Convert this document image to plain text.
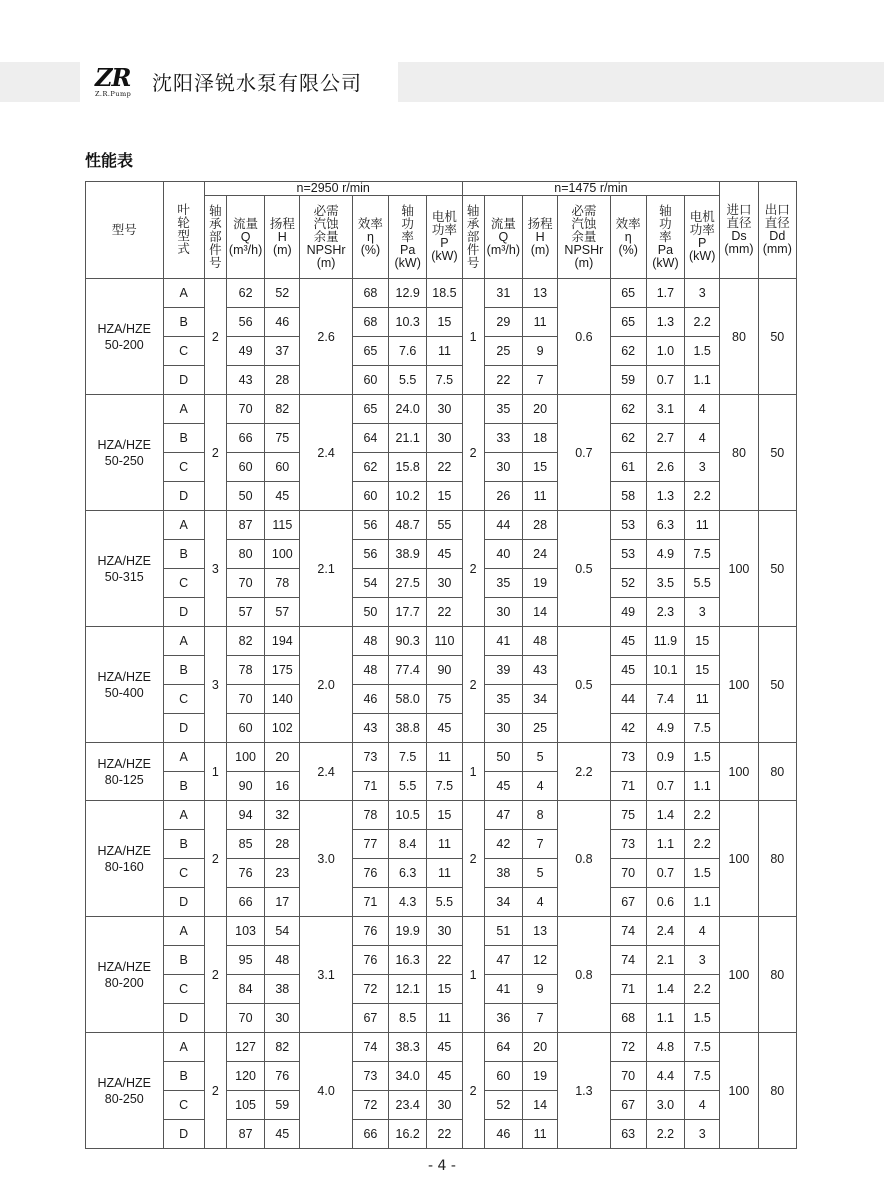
ZR
Z.R.Pump	沈阳泽锐水泵有限公司
性能表
型号	叶
轮
型
式	n=2950 r/min							n=1475 r/min							进口
直径
Ds
(mm)	出口
直径
Dd
(mm)
		轴
承
部
件
号	流量
Q
(m³/h)	扬程
H
(m)	必需
汽蚀
余量
NPSHr
(m)	效率
η
(%)	轴
功
率
Pa
(kW)	电机
功率
P
(kW)	轴
承
部
件
号	流量
Q
(m³/h)	扬程
H
(m)	必需
汽蚀
余量
NPSHr
(m)	效率
η
(%)	轴
功
率
Pa
(kW)	电机
功率
P
(kW)		
HZA/HZE
50-200	A	2	62	52	2.6	68	12.9	18.5	1	31	13	0.6	65	1.7	3	80	50
	B		56	46		68	10.3	15		29	11		65	1.3	2.2		
	C		49	37		65	7.6	11		25	9		62	1.0	1.5		
	D		43	28		60	5.5	7.5		22	7		59	0.7	1.1		
HZA/HZE
50-250	A	2	70	82	2.4	65	24.0	30	2	35	20	0.7	62	3.1	4	80	50
	B		66	75		64	21.1	30		33	18		62	2.7	4		
	C		60	60		62	15.8	22		30	15		61	2.6	3		
	D		50	45		60	10.2	15		26	11		58	1.3	2.2		
HZA/HZE
50-315	A	3	87	115	2.1	56	48.7	55	2	44	28	0.5	53	6.3	11	100	50
	B		80	100		56	38.9	45		40	24		53	4.9	7.5		
	C		70	78		54	27.5	30		35	19		52	3.5	5.5		
	D		57	57		50	17.7	22		30	14		49	2.3	3		
HZA/HZE
50-400	A	3	82	194	2.0	48	90.3	110	2	41	48	0.5	45	11.9	15	100	50
	B		78	175		48	77.4	90		39	43		45	10.1	15		
	C		70	140		46	58.0	75		35	34		44	7.4	11		
	D		60	102		43	38.8	45		30	25		42	4.9	7.5		
HZA/HZE
80-125	A	1	100	20	2.4	73	7.5	11	1	50	5	2.2	73	0.9	1.5	100	80
	B		90	16		71	5.5	7.5		45	4		71	0.7	1.1		
HZA/HZE
80-160	A	2	94	32	3.0	78	10.5	15	2	47	8	0.8	75	1.4	2.2	100	80
	B		85	28		77	8.4	11		42	7		73	1.1	2.2		
	C		76	23		76	6.3	11		38	5		70	0.7	1.5		
	D		66	17		71	4.3	5.5		34	4		67	0.6	1.1		
HZA/HZE
80-200	A	2	103	54	3.1	76	19.9	30	1	51	13	0.8	74	2.4	4	100	80
	B		95	48		76	16.3	22		47	12		74	2.1	3		
	C		84	38		72	12.1	15		41	9		71	1.4	2.2		
	D		70	30		67	8.5	11		36	7		68	1.1	1.5		
HZA/HZE
80-250	A	2	127	82	4.0	74	38.3	45	2	64	20	1.3	72	4.8	7.5	100	80
	B		120	76		73	34.0	45		60	19		70	4.4	7.5		
	C		105	59		72	23.4	30		52	14		67	3.0	4		
	D		87	45		66	16.2	22		46	11		63	2.2	3		
- 4 -
